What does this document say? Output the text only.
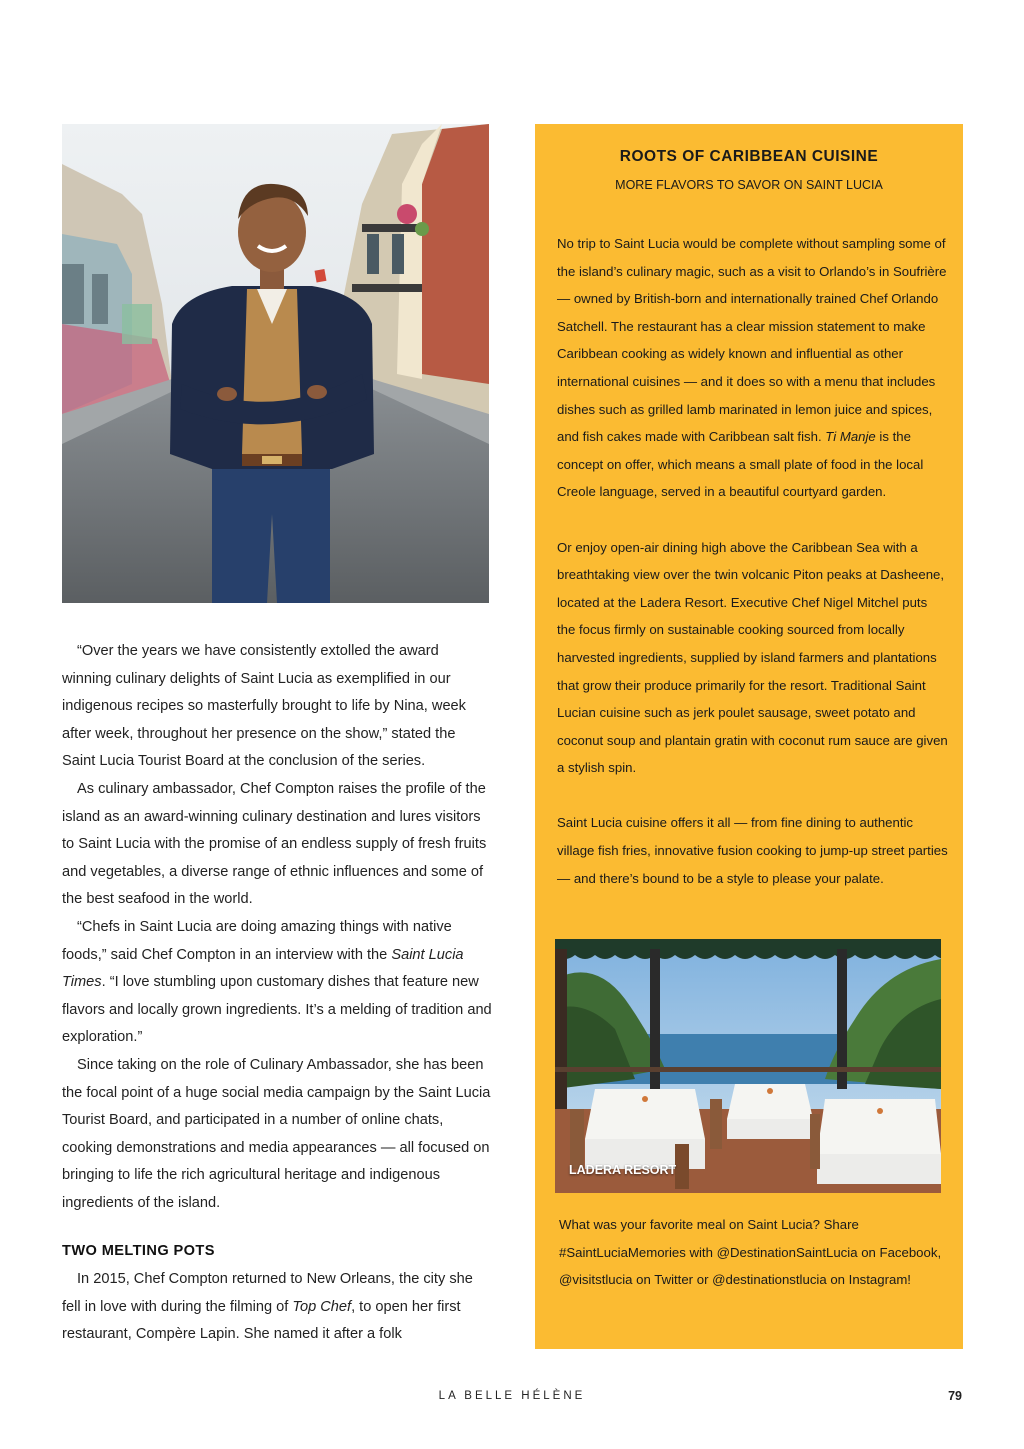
“Over the years we have consistently extolled the award winning culinary delights of Saint Lucia as exemplified in our indigenous recipes so masterfully brought to life by Nina, week after week, throughout her presence on the show,” stated the Saint Lucia Tourist Board at the conclusion of the series.

As culinary ambassador, Chef Compton raises the profile of the island as an award-winning culinary destination and lures visitors to Saint Lucia with the promise of an endless supply of fresh fruits and vegetables, a diverse range of ethnic influences and some of the best seafood in the world.

“Chefs in Saint Lucia are doing amazing things with native foods,” said Chef Compton in an interview with the Saint Lucia Times. “I love stumbling upon customary dishes that feature new flavors and locally grown ingredients. It’s a melding of tradition and exploration.”

Since taking on the role of Culinary Ambassador, she has been the focal point of a huge social media campaign by the Saint Lucia Tourist Board, and participated in a number of online chats, cooking demonstrations and media appearances — all focused on bringing to life the rich agricultural heritage and indigenous ingredients of the island.

TWO MELTING POTS

In 2015, Chef Compton returned to New Orleans, the city she fell in love with during the filming of Top Chef, to open her first restaurant, Compère Lapin. She named it after a folk

ROOTS OF CARIBBEAN CUISINE
MORE FLAVORS TO SAVOR ON SAINT LUCIA

No trip to Saint Lucia would be complete without sampling some of the island’s culinary magic, such as a visit to Orlando’s in Soufrière — owned by British-born and internationally trained Chef Orlando Satchell. The restaurant has a clear mission statement to make Caribbean cooking as widely known and influential as other international cuisines — and it does so with a menu that includes dishes such as grilled lamb marinated in lemon juice and spices, and fish cakes made with Caribbean salt fish. Ti Manje is the concept on offer, which means a small plate of food in the local Creole language, served in a beautiful courtyard garden.

Or enjoy open-air dining high above the Caribbean Sea with a breathtaking view over the twin volcanic Piton peaks at Dasheene, located at the Ladera Resort. Executive Chef Nigel Mitchel puts the focus firmly on sustainable cooking sourced from locally harvested ingredients, supplied by island farmers and plantations that grow their produce primarily for the resort. Traditional Saint Lucian cuisine such as jerk poulet sausage, sweet potato and coconut soup and plantain gratin with coconut rum sauce are given a stylish spin.

Saint Lucia cuisine offers it all — from fine dining to authentic village fish fries, innovative fusion cooking to jump-up street parties — and there’s bound to be a style to please your palate.

LADERA RESORT
What was your favorite meal on Saint Lucia? Share #SaintLuciaMemories with @DestinationSaintLucia on Facebook, @visitstlucia on Twitter or @destinationstlucia on Instagram!
LA BELLE HÉLÈNE	79
